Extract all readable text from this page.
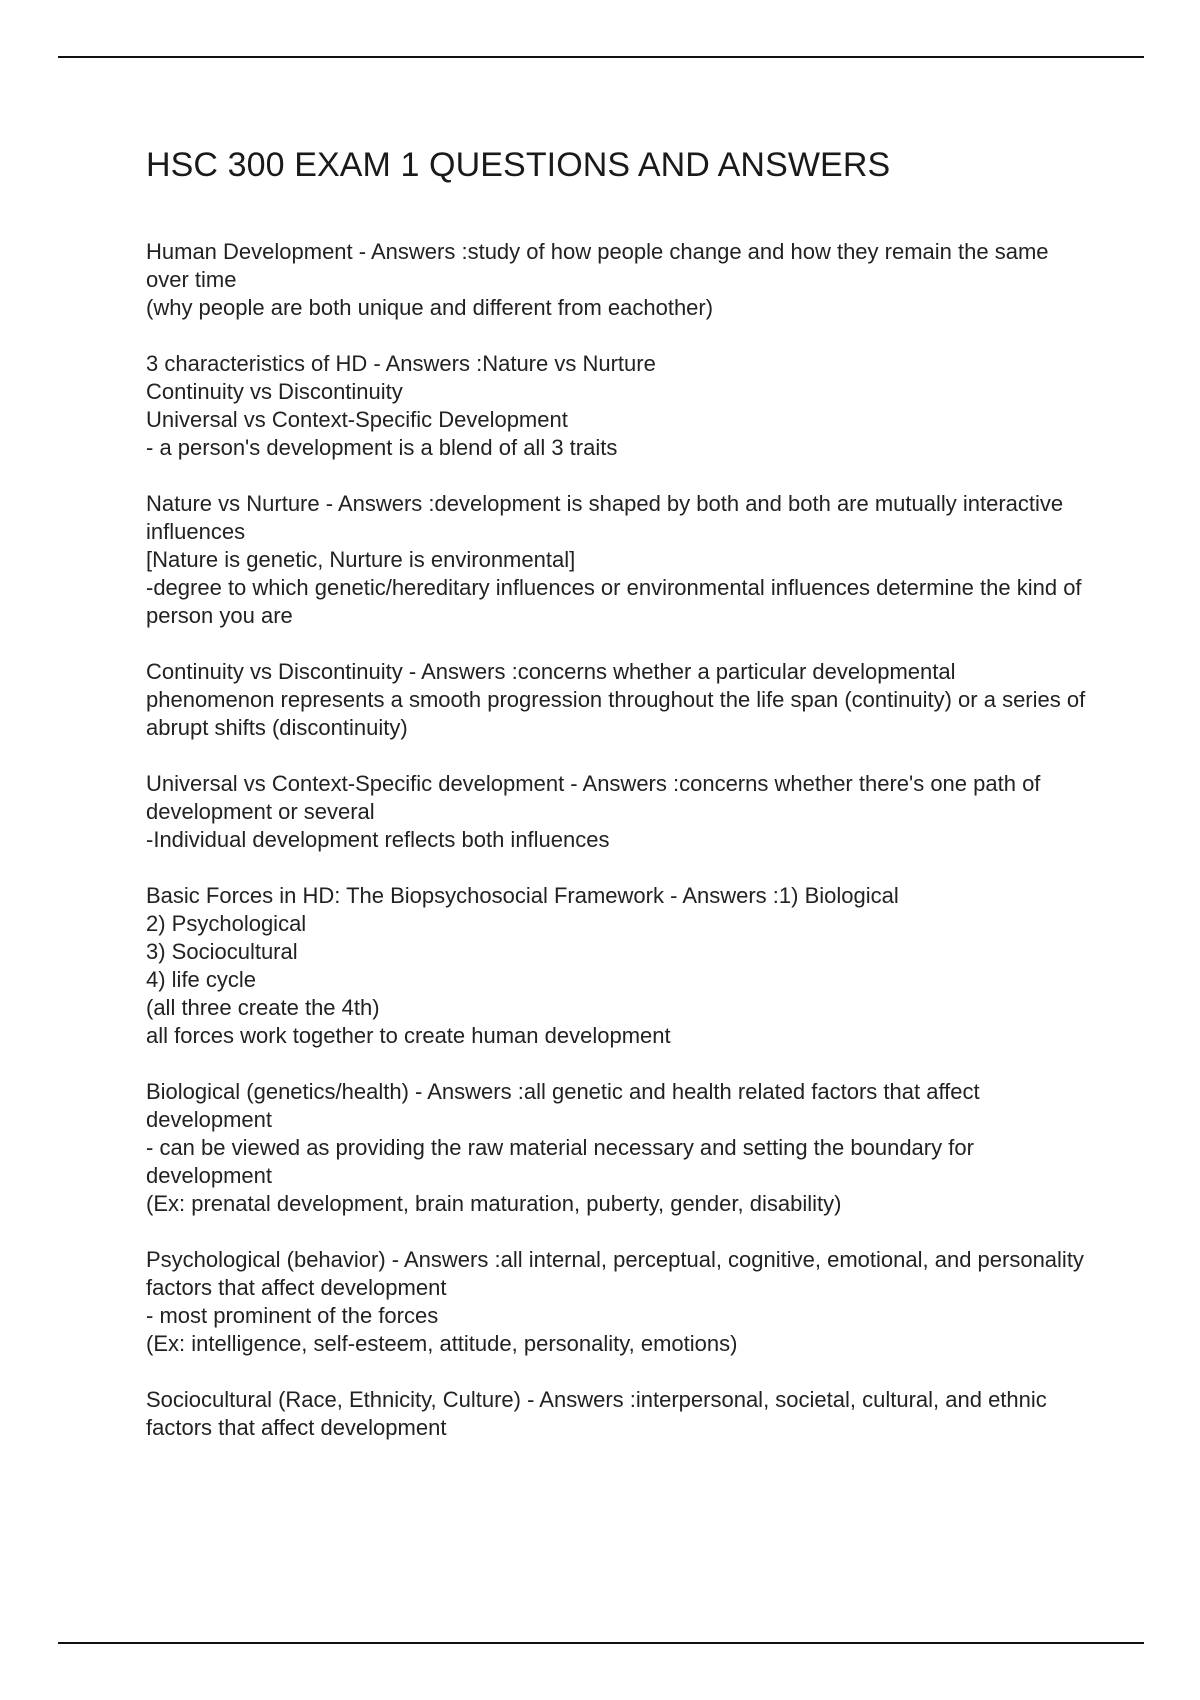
HSC 300 EXAM 1 QUESTIONS AND ANSWERS
Human Development - Answers :study of how people change and how they remain the same over time
(why people are both unique and different from eachother)
3 characteristics of HD - Answers :Nature vs Nurture
Continuity vs Discontinuity
Universal vs Context-Specific Development
- a person's development is a blend of all 3 traits
Nature vs Nurture - Answers :development is shaped by both and both are mutually interactive influences
[Nature is genetic, Nurture is environmental]
-degree to which genetic/hereditary influences or environmental influences determine the kind of person you are
Continuity vs Discontinuity - Answers :concerns whether a particular developmental phenomenon represents a smooth progression throughout the life span (continuity) or a series of abrupt shifts (discontinuity)
Universal vs Context-Specific development - Answers :concerns whether there's one path of development or several
-Individual development reflects both influences
Basic Forces in HD: The Biopsychosocial Framework - Answers :1) Biological
2) Psychological
3) Sociocultural
4) life cycle
(all three create the 4th)
all forces work together to create human development
Biological (genetics/health) - Answers :all genetic and health related factors that affect development
- can be viewed as providing the raw material necessary and setting the boundary for development
(Ex: prenatal development, brain maturation, puberty, gender, disability)
Psychological (behavior) - Answers :all internal, perceptual, cognitive, emotional, and personality factors that affect development
- most prominent of the forces
(Ex: intelligence, self-esteem, attitude, personality, emotions)
Sociocultural (Race, Ethnicity, Culture) - Answers :interpersonal, societal, cultural, and ethnic factors that affect development
